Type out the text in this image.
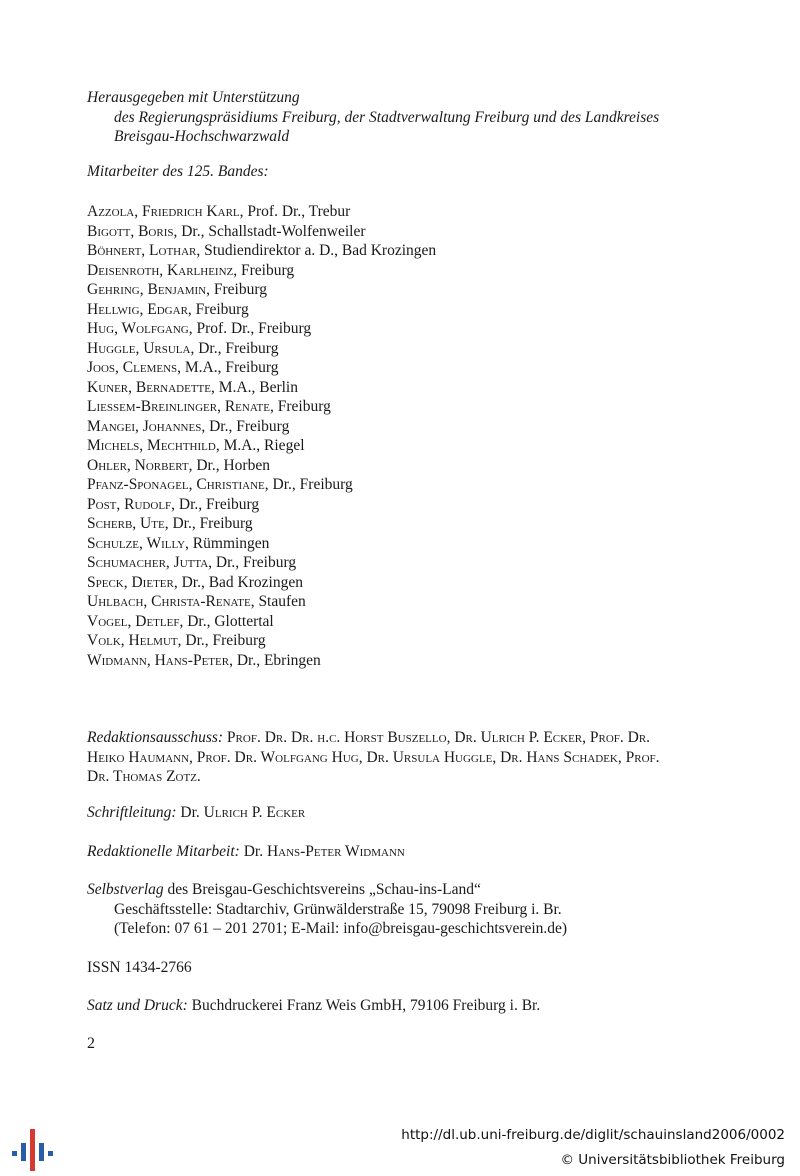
Herausgegeben mit Unterstützung
des Regierungspräsidiums Freiburg, der Stadtverwaltung Freiburg und des Landkreises
Breisgau-Hochschwarzwald
Mitarbeiter des 125. Bandes:
Azzola, Friedrich Karl, Prof. Dr., Trebur
Bigott, Boris, Dr., Schallstadt-Wolfenweiler
Böhnert, Lothar, Studiendirektor a. D., Bad Krozingen
Deisenroth, Karlheinz, Freiburg
Gehring, Benjamin, Freiburg
Hellwig, Edgar, Freiburg
Hug, Wolfgang, Prof. Dr., Freiburg
Huggle, Ursula, Dr., Freiburg
Joos, Clemens, M.A., Freiburg
Kuner, Bernadette, M.A., Berlin
Liessem-Breinlinger, Renate, Freiburg
Mangei, Johannes, Dr., Freiburg
Michels, Mechthild, M.A., Riegel
Ohler, Norbert, Dr., Horben
Pfanz-Sponagel, Christiane, Dr., Freiburg
Post, Rudolf, Dr., Freiburg
Scherb, Ute, Dr., Freiburg
Schulze, Willy, Rümmingen
Schumacher, Jutta, Dr., Freiburg
Speck, Dieter, Dr., Bad Krozingen
Uhlbach, Christa-Renate, Staufen
Vogel, Detlef, Dr., Glottertal
Volk, Helmut, Dr., Freiburg
Widmann, Hans-Peter, Dr., Ebringen
Redaktionsausschuss: Prof. Dr. Dr. h.c. Horst Buszello, Dr. Ulrich P. Ecker, Prof. Dr.
Heiko Haumann, Prof. Dr. Wolfgang Hug, Dr. Ursula Huggle, Dr. Hans Schadek, Prof.
Dr. Thomas Zotz.
Schriftleitung: Dr. Ulrich P. Ecker
Redaktionelle Mitarbeit: Dr. Hans-Peter Widmann
Selbstverlag des Breisgau-Geschichtsvereins „Schau-ins-Land“
Geschäftsstelle: Stadtarchiv, Grünwälderstraße 15, 79098 Freiburg i. Br.
(Telefon: 07 61 – 201 2701; E-Mail: info@breisgau-geschichtsverein.de)
ISSN 1434-2766
Satz und Druck: Buchdruckerei Franz Weis GmbH, 79106 Freiburg i. Br.
2
http://dl.ub.uni-freiburg.de/diglit/schauinsland2006/0002
© Universitätsbibliothek Freiburg
